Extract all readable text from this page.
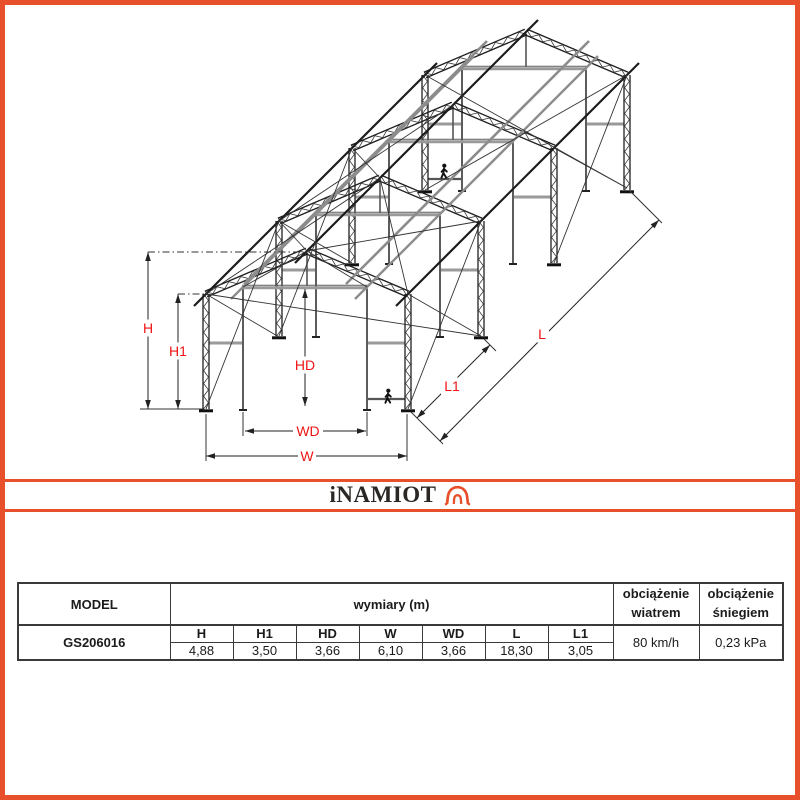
H
H1
HD
WD
W
L1
L
iNAMIOT
MODEL	wymiary (m)							obciążenie wiatrem	obciążenie śniegiem
GS206016	H	H1	HD	W	WD	L	L1	80 km/h	0,23 kPa
	4,88	3,50	3,66	6,10	3,66	18,30	3,05		
